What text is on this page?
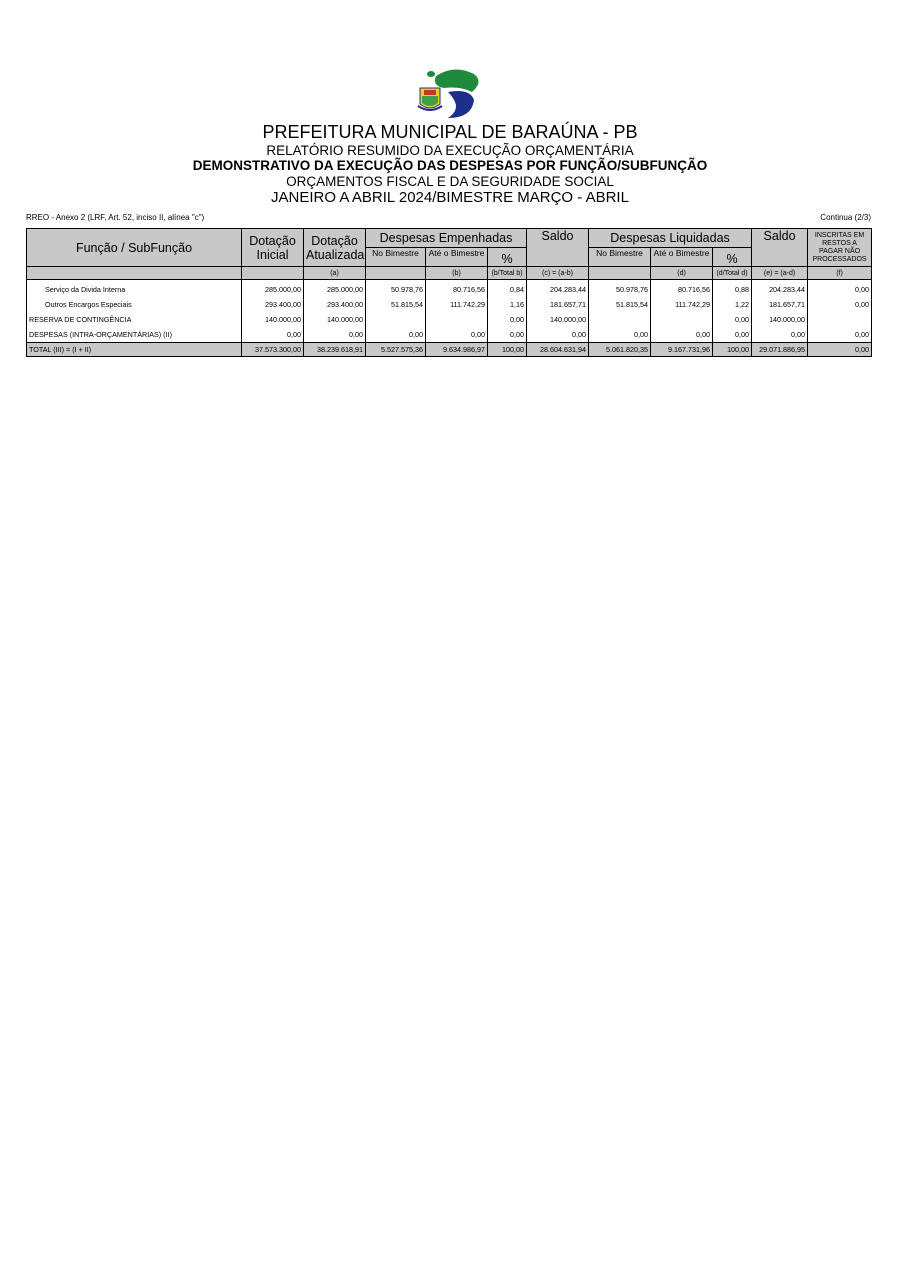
PREFEITURA MUNICIPAL DE BARAÚNA - PB
RELATÓRIO RESUMIDO DA EXECUÇÃO ORÇAMENTÁRIA
DEMONSTRATIVO DA EXECUÇÃO DAS DESPESAS POR FUNÇÃO/SUBFUNÇÃO
ORÇAMENTOS FISCAL E DA SEGURIDADE SOCIAL
JANEIRO A ABRIL 2024/BIMESTRE MARÇO - ABRIL
RREO - Anexo 2 (LRF, Art. 52, inciso II, alínea "c")	Continua (2/3)
Função / SubFunção	Dotação Inicial	Dotação Atualizada	Despesas Empenhadas			Saldo	Despesas Liquidadas			Saldo	INSCRITAS EM RESTOS A PAGAR NÃO PROCESSADOS
			No Bimestre	Até o Bimestre	%		No Bimestre	Até o Bimestre	%		
		(a)		(b)	(b/Total b)	(c) = (a-b)		(d)	(d/Total d)	(e) = (a-d)	(f)
Serviço da Divida Interna	285.000,00	285.000,00	50.978,76	80.716,56	0,84	204.283,44	50.978,76	80.716,56	0,88	204.283,44	0,00
Outros Encargos Especiais	293.400,00	293.400,00	51.815,54	111.742,29	1,16	181.657,71	51.815,54	111.742,29	1,22	181.657,71	0,00
RESERVA DE CONTINGÊNCIA	140.000,00	140.000,00			0,00	140.000,00			0,00	140.000,00	
DESPESAS (INTRA-ORÇAMENTÁRIAS) (II)	0,00	0,00	0,00	0,00	0,00	0,00	0,00	0,00	0,00	0,00	0,00
TOTAL (III) = (I + II)	37.573.300,00	38.239.618,91	5.527.575,36	9.634.986,97	100,00	28.604.631,94	5.061.820,35	9.167.731,96	100,00	29.071.886,95	0,00
